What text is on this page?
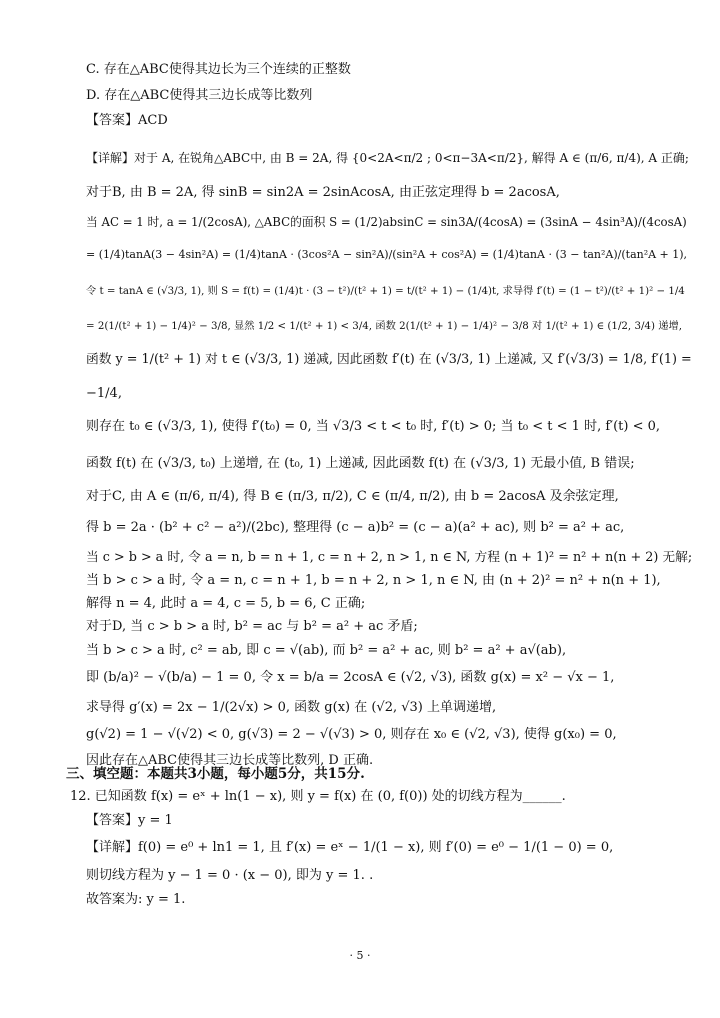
C. 存在△ABC使得其边长为三个连续的正整数
D. 存在△ABC使得其三边长成等比数列
【答案】ACD
【详解】对于 A, 在锐角△ABC中, 由 B = 2A, 得 {0<2A<π/2 ; 0<π−3A<π/2}, 解得 A ∈ (π/6, π/4), A 正确;
对于B, 由 B = 2A, 得 sinB = sin2A = 2sinAcosA, 由正弦定理得 b = 2acosA,
当 AC = 1 时, a = 1/(2cosA), △ABC的面积 S = (1/2)absinC = sin3A/(4cosA) = (3sinA − 4sin³A)/(4cosA)
= (1/4)tanA(3 − 4sin²A) = (1/4)tanA · (3cos²A − sin²A)/(sin²A + cos²A) = (1/4)tanA · (3 − tan²A)/(tan²A + 1),
令 t = tanA ∈ (√3/3, 1), 则 S = f(t) = (1/4)t · (3 − t²)/(t² + 1) = t/(t² + 1) − (1/4)t, 求导得 f′(t) = (1 − t²)/(t² + 1)² − 1/4
= 2(1/(t² + 1) − 1/4)² − 3/8, 显然 1/2 < 1/(t² + 1) < 3/4, 函数 2(1/(t² + 1) − 1/4)² − 3/8 对 1/(t² + 1) ∈ (1/2, 3/4) 递增,
函数 y = 1/(t² + 1) 对 t ∈ (√3/3, 1) 递减, 因此函数 f′(t) 在 (√3/3, 1) 上递减, 又 f′(√3/3) = 1/8, f′(1) =
−1/4,
则存在 t₀ ∈ (√3/3, 1), 使得 f′(t₀) = 0, 当 √3/3 < t < t₀ 时, f′(t) > 0; 当 t₀ < t < 1 时, f′(t) < 0,
函数 f(t) 在 (√3/3, t₀) 上递增, 在 (t₀, 1) 上递减, 因此函数 f(t) 在 (√3/3, 1) 无最小值, B 错误;
对于C, 由 A ∈ (π/6, π/4), 得 B ∈ (π/3, π/2), C ∈ (π/4, π/2), 由 b = 2acosA 及余弦定理,
得 b = 2a · (b² + c² − a²)/(2bc), 整理得 (c − a)b² = (c − a)(a² + ac), 则 b² = a² + ac,
当 c > b > a 时, 令 a = n, b = n + 1, c = n + 2, n > 1, n ∈ N, 方程 (n + 1)² = n² + n(n + 2) 无解;
当 b > c > a 时, 令 a = n, c = n + 1, b = n + 2, n > 1, n ∈ N, 由 (n + 2)² = n² + n(n + 1),
解得 n = 4, 此时 a = 4, c = 5, b = 6, C 正确;
对于D, 当 c > b > a 时, b² = ac 与 b² = a² + ac 矛盾;
当 b > c > a 时, c² = ab, 即 c = √(ab), 而 b² = a² + ac, 则 b² = a² + a√(ab),
即 (b/a)² − √(b/a) − 1 = 0, 令 x = b/a = 2cosA ∈ (√2, √3), 函数 g(x) = x² − √x − 1,
求导得 g′(x) = 2x − 1/(2√x) > 0, 函数 g(x) 在 (√2, √3) 上单调递增,
g(√2) = 1 − √(√2) < 0, g(√3) = 2 − √(√3) > 0, 则存在 x₀ ∈ (√2, √3), 使得 g(x₀) = 0,
因此存在△ABC使得其三边长成等比数列, D 正确.
三、填空题：本题共3小题，每小题5分，共15分.
12. 已知函数 f(x) = eˣ + ln(1 − x), 则 y = f(x) 在 (0, f(0)) 处的切线方程为______.
【答案】y = 1
【详解】f(0) = e⁰ + ln1 = 1, 且 f′(x) = eˣ − 1/(1 − x), 则 f′(0) = e⁰ − 1/(1 − 0) = 0,
则切线方程为 y − 1 = 0 · (x − 0), 即为 y = 1. .
故答案为: y = 1.
· 5 ·
